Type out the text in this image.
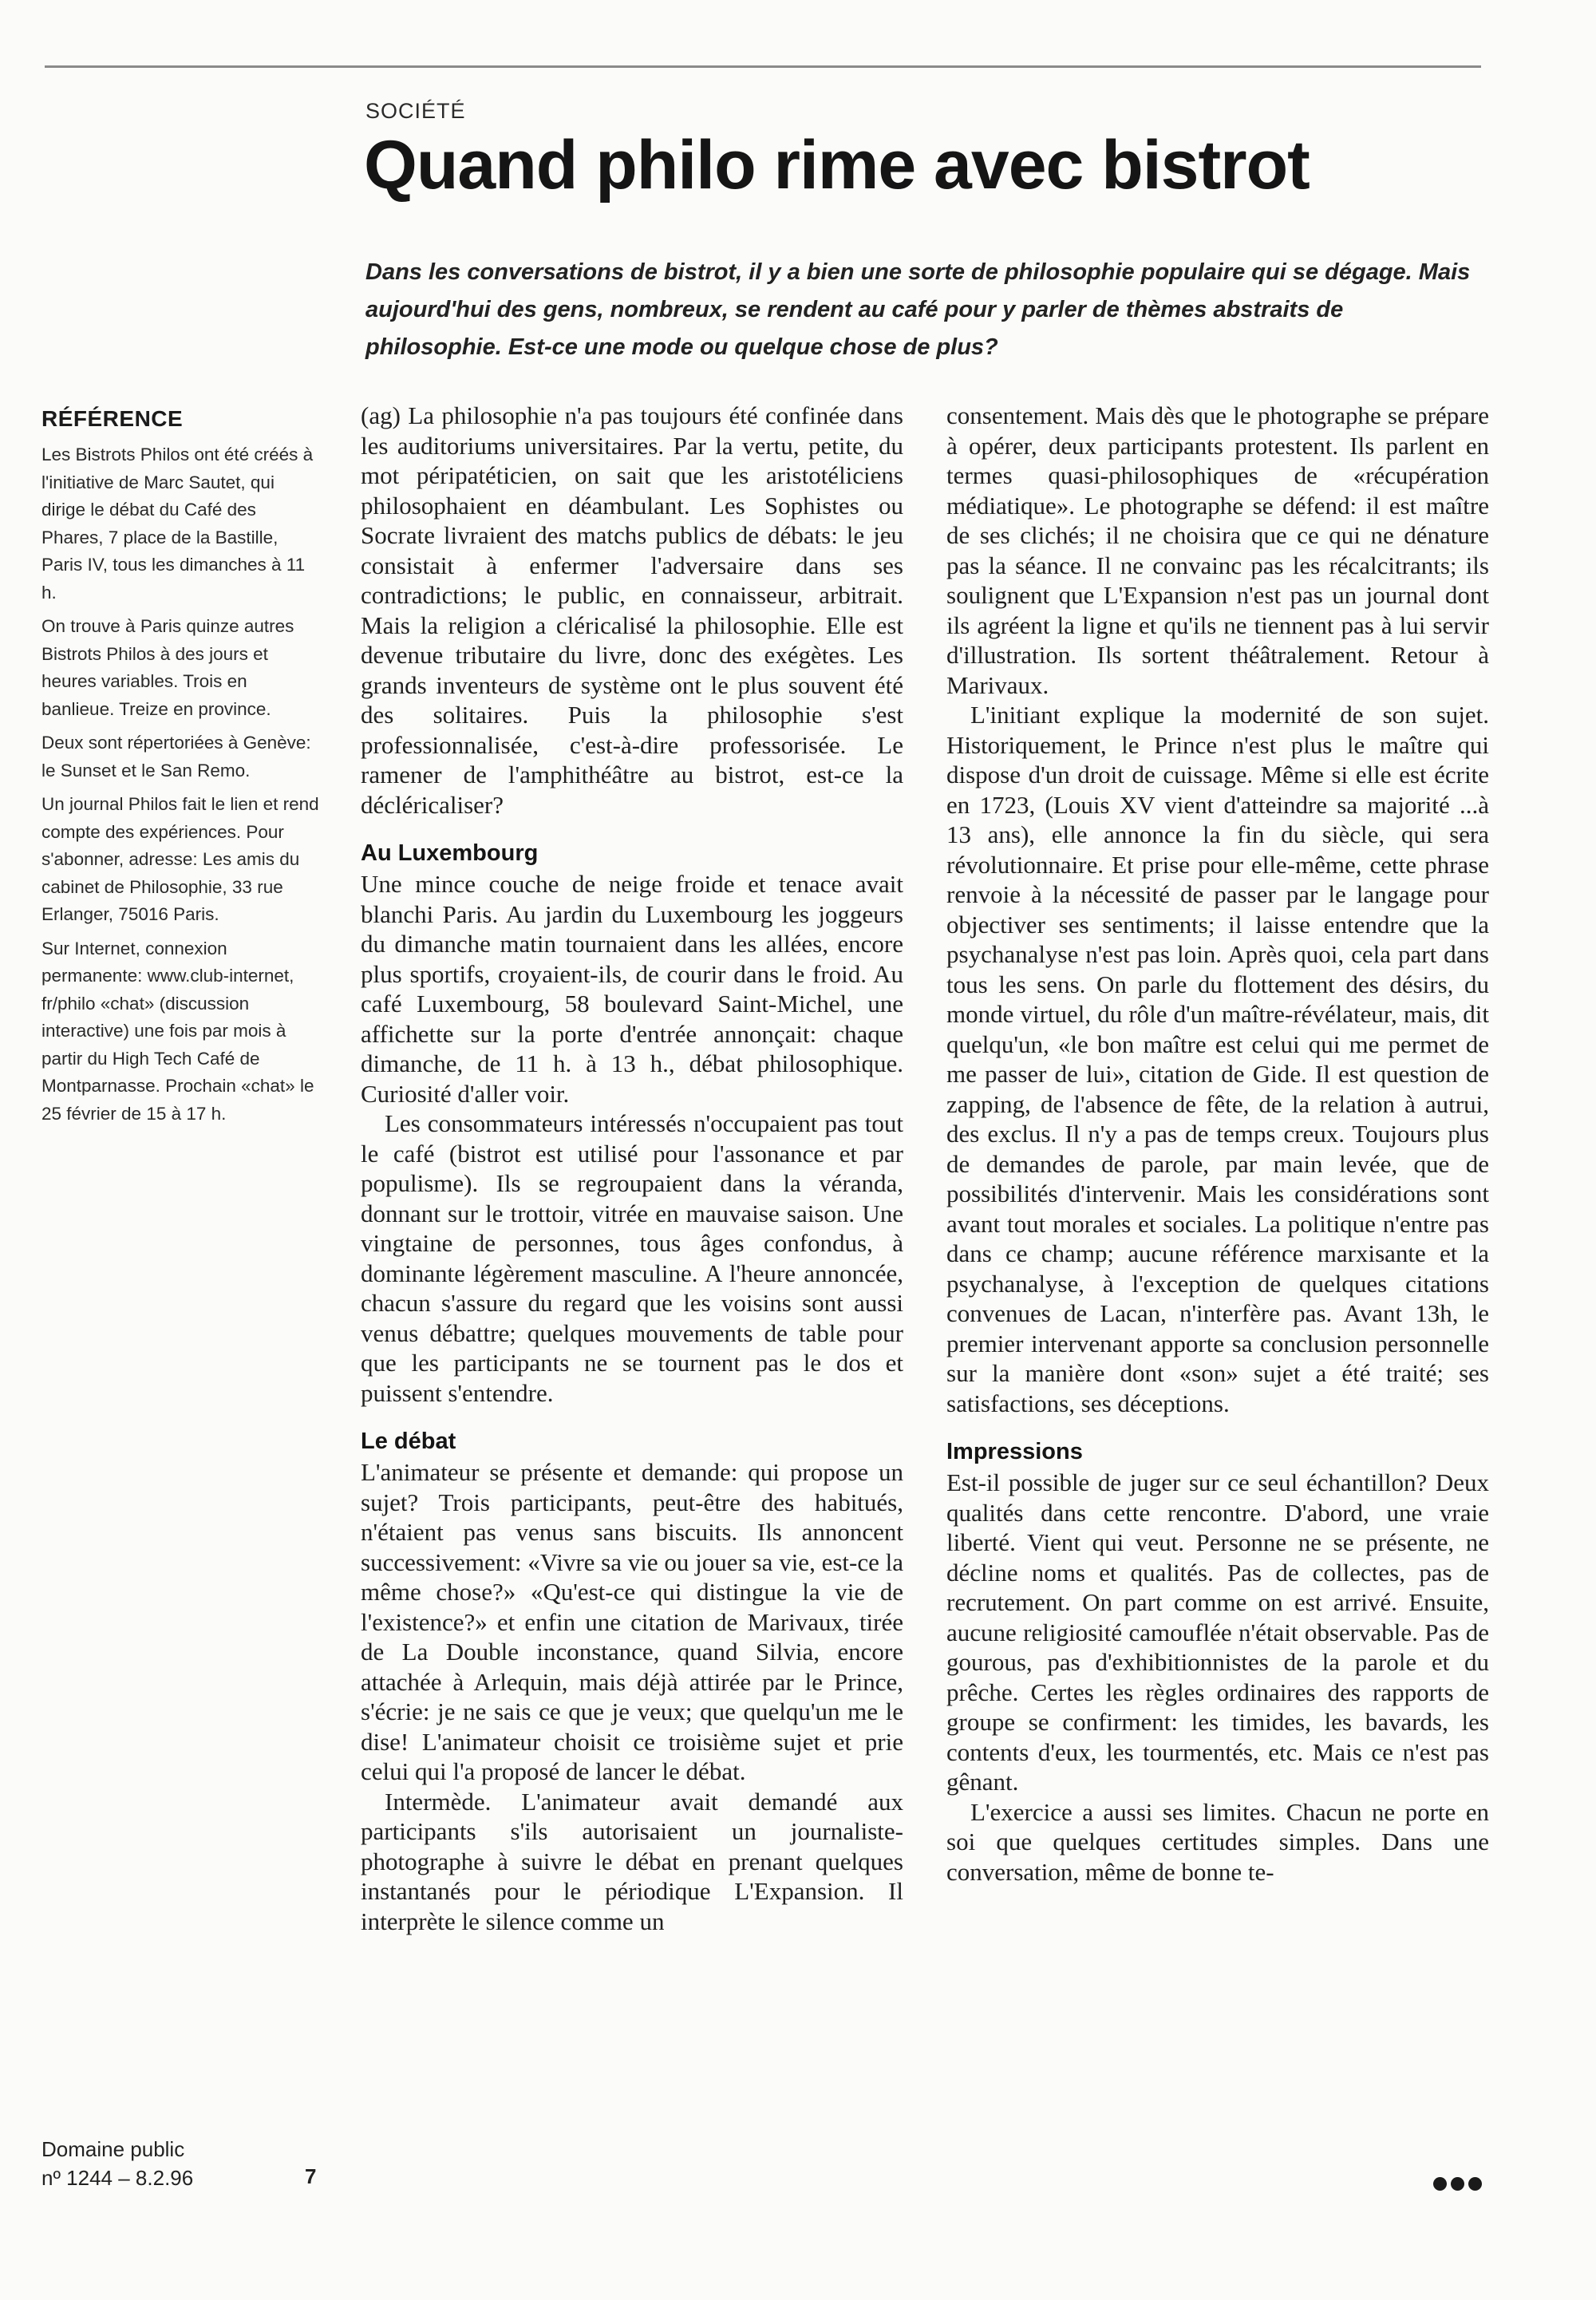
SOCIÉTÉ
Quand philo rime avec bistrot

Dans les conversations de bistrot, il y a bien une sorte de philosophie populaire qui se dégage. Mais aujourd'hui des gens, nombreux, se rendent au café pour y parler de thèmes abstraits de philosophie. Est-ce une mode ou quelque chose de plus?

RÉFÉRENCE

Les Bistrots Philos ont été créés à l'initiative de Marc Sautet, qui dirige le débat du Café des Phares, 7 place de la Bastille, Paris IV, tous les dimanches à 11 h.

On trouve à Paris quinze autres Bistrots Philos à des jours et heures variables. Trois en banlieue. Treize en province.

Deux sont répertoriées à Genève: le Sunset et le San Remo.

Un journal Philos fait le lien et rend compte des expériences. Pour s'abonner, adresse: Les amis du cabinet de Philosophie, 33 rue Erlanger, 75016 Paris.

Sur Internet, connexion permanente: www.club-internet, fr/philo «chat» (discussion interactive) une fois par mois à partir du High Tech Café de Montparnasse. Prochain «chat» le 25 février de 15 à 17 h.

Domaine public
nº 1244 – 8.2.96	7

(ag) La philosophie n'a pas toujours été confinée dans les auditoriums universitaires. Par la vertu, petite, du mot péripatéticien, on sait que les aristotéliciens philosophaient en déambulant. Les Sophistes ou Socrate livraient des matchs publics de débats: le jeu consistait à enfermer l'adversaire dans ses contradictions; le public, en connaisseur, arbitrait. Mais la religion a cléricalisé la philosophie. Elle est devenue tributaire du livre, donc des exégètes. Les grands inventeurs de système ont le plus souvent été des solitaires. Puis la philosophie s'est professionnalisée, c'est-à-dire professorisée. Le ramener de l'amphithéâtre au bistrot, est-ce la décléricaliser?

Au Luxembourg

Une mince couche de neige froide et tenace avait blanchi Paris. Au jardin du Luxembourg les joggeurs du dimanche matin tournaient dans les allées, encore plus sportifs, croyaient-ils, de courir dans le froid. Au café Luxembourg, 58 boulevard Saint-Michel, une affichette sur la porte d'entrée annonçait: chaque dimanche, de 11 h. à 13 h., débat philosophique. Curiosité d'aller voir.

Les consommateurs intéressés n'occupaient pas tout le café (bistrot est utilisé pour l'assonance et par populisme). Ils se regroupaient dans la véranda, donnant sur le trottoir, vitrée en mauvaise saison. Une vingtaine de personnes, tous âges confondus, à dominante légèrement masculine. A l'heure annoncée, chacun s'assure du regard que les voisins sont aussi venus débattre; quelques mouvements de table pour que les participants ne se tournent pas le dos et puissent s'entendre.

Le débat

L'animateur se présente et demande: qui propose un sujet? Trois participants, peut-être des habitués, n'étaient pas venus sans biscuits. Ils annoncent successivement: «Vivre sa vie ou jouer sa vie, est-ce la même chose?» «Qu'est-ce qui distingue la vie de l'existence?» et enfin une citation de Marivaux, tirée de La Double inconstance, quand Silvia, encore attachée à Arlequin, mais déjà attirée par le Prince, s'écrie: je ne sais ce que je veux; que quelqu'un me le dise! L'animateur choisit ce troisième sujet et prie celui qui l'a proposé de lancer le débat.

Intermède. L'animateur avait demandé aux participants s'ils autorisaient un journaliste-photographe à suivre le débat en prenant quelques instantanés pour le périodique L'Expansion. Il interprète le silence comme un

consentement. Mais dès que le photographe se prépare à opérer, deux participants protestent. Ils parlent en termes quasi-philosophiques de «récupération médiatique». Le photographe se défend: il est maître de ses clichés; il ne choisira que ce qui ne dénature pas la séance. Il ne convainc pas les récalcitrants; ils soulignent que L'Expansion n'est pas un journal dont ils agréent la ligne et qu'ils ne tiennent pas à lui servir d'illustration. Ils sortent théâtralement. Retour à Marivaux.

L'initiant explique la modernité de son sujet. Historiquement, le Prince n'est plus le maître qui dispose d'un droit de cuissage. Même si elle est écrite en 1723, (Louis XV vient d'atteindre sa majorité ...à 13 ans), elle annonce la fin du siècle, qui sera révolutionnaire. Et prise pour elle-même, cette phrase renvoie à la nécessité de passer par le langage pour objectiver ses sentiments; il laisse entendre que la psychanalyse n'est pas loin. Après quoi, cela part dans tous les sens. On parle du flottement des désirs, du monde virtuel, du rôle d'un maître-révélateur, mais, dit quelqu'un, «le bon maître est celui qui me permet de me passer de lui», citation de Gide. Il est question de zapping, de l'absence de fête, de la relation à autrui, des exclus. Il n'y a pas de temps creux. Toujours plus de demandes de parole, par main levée, que de possibilités d'intervenir. Mais les considérations sont avant tout morales et sociales. La politique n'entre pas dans ce champ; aucune référence marxisante et la psychanalyse, à l'exception de quelques citations convenues de Lacan, n'interfère pas. Avant 13h, le premier intervenant apporte sa conclusion personnelle sur la manière dont «son» sujet a été traité; ses satisfactions, ses déceptions.

Impressions

Est-il possible de juger sur ce seul échantillon? Deux qualités dans cette rencontre. D'abord, une vraie liberté. Vient qui veut. Personne ne se présente, ne décline noms et qualités. Pas de collectes, pas de recrutement. On part comme on est arrivé. Ensuite, aucune religiosité camouflée n'était observable. Pas de gourous, pas d'exhibitionnistes de la parole et du prêche. Certes les règles ordinaires des rapports de groupe se confirment: les timides, les bavards, les contents d'eux, les tourmentés, etc. Mais ce n'est pas gênant.

L'exercice a aussi ses limites. Chacun ne porte en soi que quelques certitudes simples. Dans une conversation, même de bonne te-
